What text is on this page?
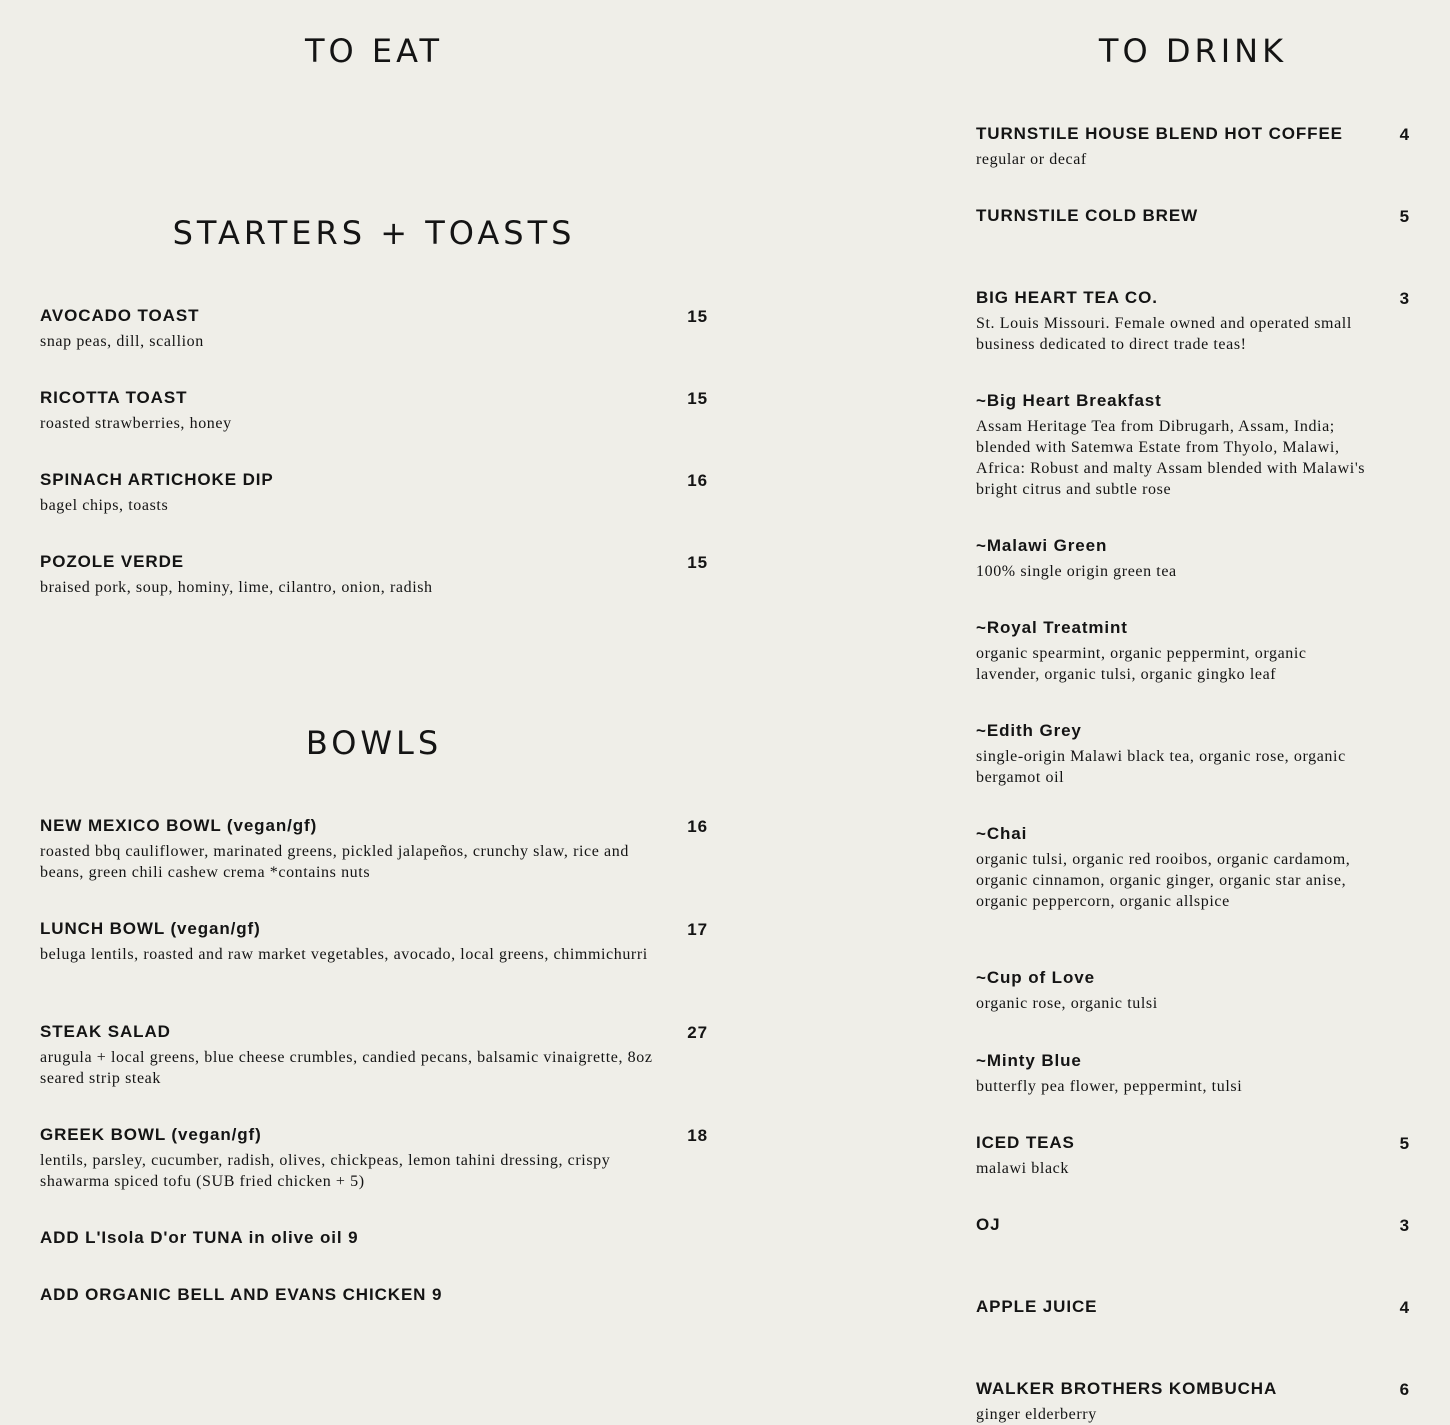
TO EAT
STARTERS + TOASTS
AVOCADO TOAST	15

snap peas, dill, scallion

RICOTTA TOAST	15

roasted strawberries, honey

SPINACH ARTICHOKE DIP	16

bagel chips, toasts

POZOLE VERDE	15

braised pork, soup, hominy, lime, cilantro, onion, radish

BOWLS
NEW MEXICO BOWL (vegan/gf)	16

roasted bbq cauliflower, marinated greens, pickled jalapeños, crunchy slaw, rice and beans, green chili cashew crema *contains nuts

LUNCH BOWL (vegan/gf)	17

beluga lentils, roasted and raw market vegetables, avocado, local greens, chimmichurri

STEAK SALAD	27

arugula + local greens, blue cheese crumbles, candied pecans, balsamic vinaigrette, 8oz seared strip steak

GREEK BOWL (vegan/gf)	18

lentils, parsley, cucumber, radish, olives, chickpeas, lemon tahini dressing, crispy shawarma spiced tofu (SUB fried chicken + 5)

ADD L'Isola D'or TUNA in olive oil 9
ADD ORGANIC BELL AND EVANS CHICKEN 9
TO DRINK
TURNSTILE HOUSE BLEND HOT COFFEE	4

regular or decaf

TURNSTILE COLD BREW	5
BIG HEART TEA CO.	3

St. Louis Missouri. Female owned and operated small business dedicated to direct trade teas!

~Big Heart Breakfast

Assam Heritage Tea from Dibrugarh, Assam, India; blended with Satemwa Estate from Thyolo, Malawi, Africa: Robust and malty Assam blended with Malawi's bright citrus and subtle rose

~Malawi Green

100% single origin green tea

~Royal Treatmint

organic spearmint, organic peppermint, organic lavender, organic tulsi, organic gingko leaf

~Edith Grey

single-origin Malawi black tea, organic rose, organic bergamot oil

~Chai

organic tulsi, organic red rooibos, organic cardamom, organic cinnamon, organic ginger, organic star anise, organic peppercorn, organic allspice

~Cup of Love

organic rose, organic tulsi

~Minty Blue

butterfly pea flower, peppermint, tulsi

ICED TEAS	5

malawi black

OJ	3
APPLE JUICE	4
WALKER BROTHERS KOMBUCHA	6

ginger elderberry
